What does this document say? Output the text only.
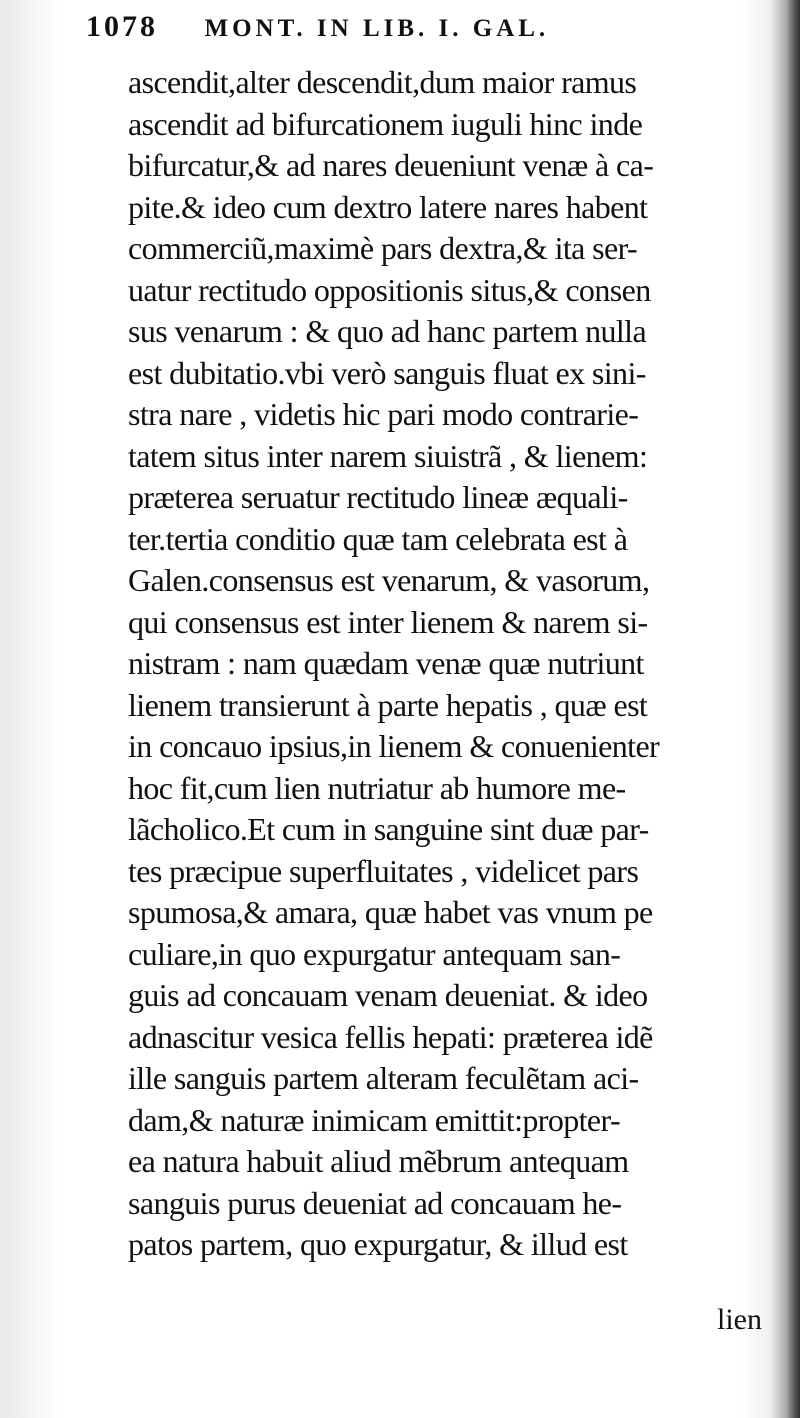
1078 MONT. IN LIB. I. GAL.
ascendit,alter descendit,dum maior ramus
ascendit ad bifurcationem iuguli hinc inde
bifurcatur,& ad nares deueniunt venæ à ca-
pite.& ideo cum dextro latere nares habent
commerciũ,maximè pars dextra,& ita ser-
uatur rectitudo oppositionis situs,& consen
sus venarum : & quo ad hanc partem nulla
est dubitatio.vbi verò sanguis fluat ex sini-
stra nare , videtis hic pari modo contrarie-
tatem situs inter narem siuistrã , & lienem:
præterea seruatur rectitudo lineæ æquali-
ter.tertia conditio quæ tam celebrata est à
Galen.consensus est venarum, & vasorum,
qui consensus est inter lienem & narem si-
nistram : nam quædam venæ quæ nutriunt
lienem transierunt à parte hepatis , quæ est
in concauo ipsius,in lienem & conuenienter
hoc fit,cum lien nutriatur ab humore me-
lãcholico.Et cum in sanguine sint duæ par-
tes præcipue superfluitates , videlicet pars
spumosa,& amara, quæ habet vas vnum pe
culiare,in quo expurgatur antequam san-
guis ad concauam venam deueniat. & ideo
adnascitur vesica fellis hepati: præterea idẽ
ille sanguis partem alteram feculẽtam aci-
dam,& naturæ inimicam emittit:propter-
ea natura habuit aliud mẽbrum antequam
sanguis purus deueniat ad concauam he-
patos partem, quo expurgatur, & illud est
lien
